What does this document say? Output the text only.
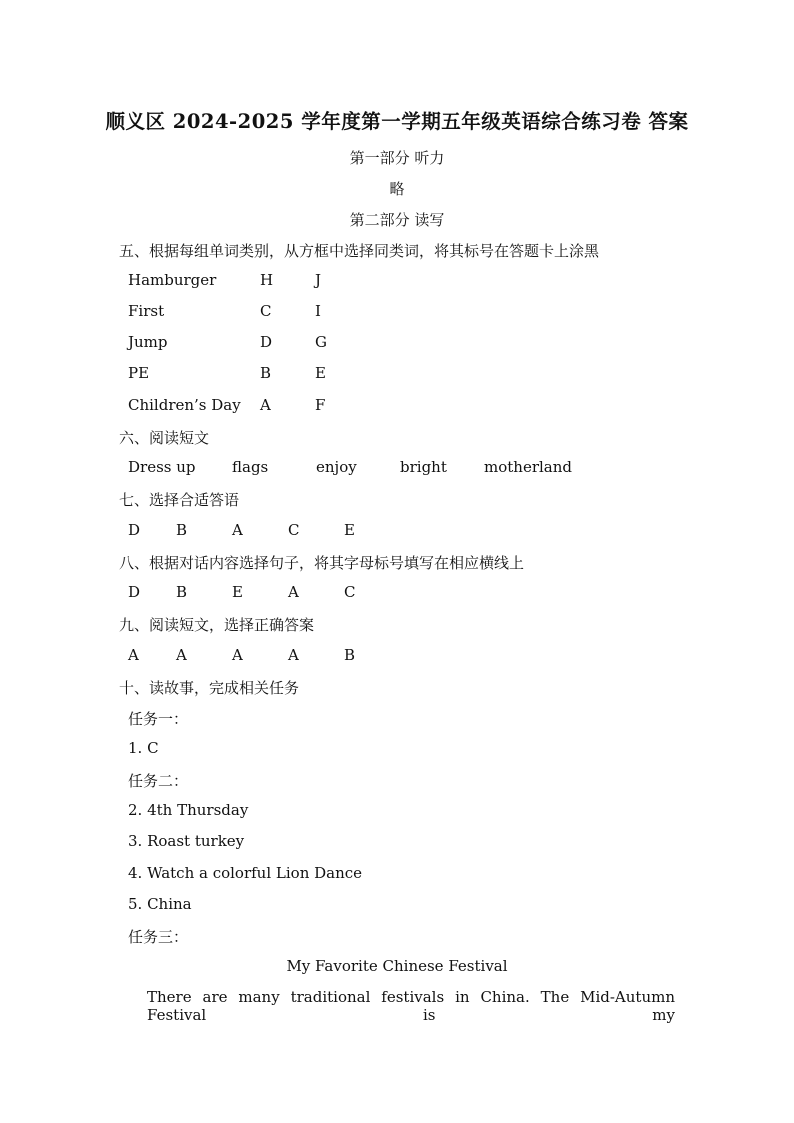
顺义区 2024-2025 学年度第一学期五年级英语综合练习卷 答案
第一部分 听力
略
第二部分 读写
五、根据每组单词类别，从方框中选择同类词，将其标号在答题卡上涂黑
Hamburger	H	J
First	C	I
Jump	D	G
PE	B	E
Children’s Day A	F
六、阅读短文
Dress up flags	enjoy	bright motherland
七、选择合适答语
D B	A	C	E
八、根据对话内容选择句子，将其字母标号填写在相应横线上
D B	E	A	C
九、阅读短文，选择正确答案
A A	A	A	B
十、读故事，完成相关任务
任务一：
1. C
任务二：
2. 4th Thursday
3. Roast turkey
4. Watch a colorful Lion Dance
5. China
任务三：
My Favorite Chinese Festival
There are many traditional festivals in China. The Mid-Autumn Festival is my
